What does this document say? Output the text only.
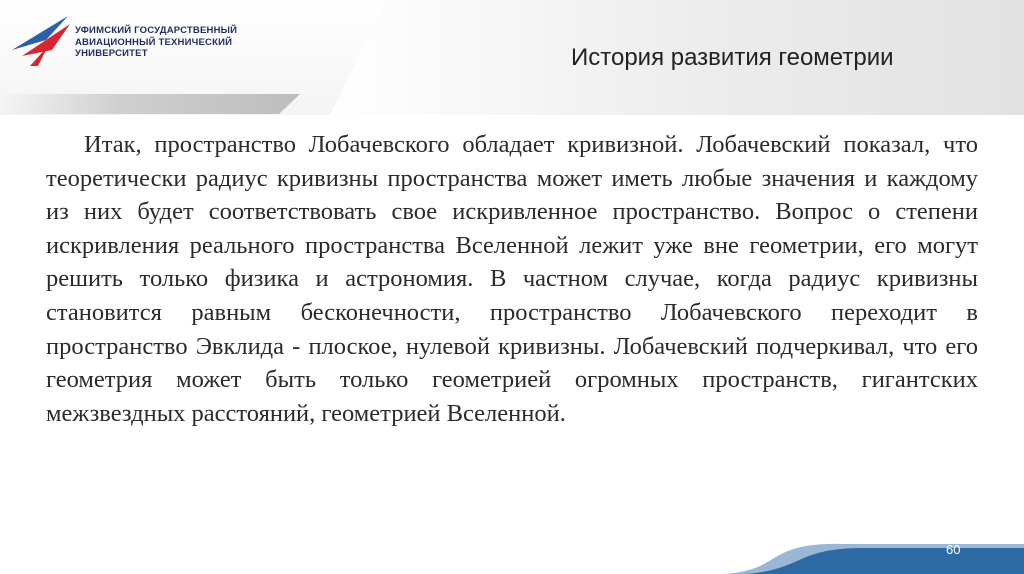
УФИМСКИЙ ГОСУДАРСТВЕННЫЙ
АВИАЦИОННЫЙ ТЕХНИЧЕСКИЙ
УНИВЕРСИТЕТ	История развития геометрии

Итак, пространство Лобачевского обладает кривизной. Лобачевский показал, что теоретически радиус кривизны пространства может иметь любые значения и каждому из них будет соответствовать свое искривленное пространство. Вопрос о степени искривления реального пространства Вселенной лежит уже вне геометрии, его могут решить только физика и астрономия. В частном случае, когда радиус кривизны становится равным бесконечности, пространство Лобачевского переходит в пространство Эвклида - плоское, нулевой кривизны. Лобачевский подчеркивал, что его геометрия может быть только геометрией огромных пространств, гигантских межзвездных расстояний, геометрией Вселенной.

60
